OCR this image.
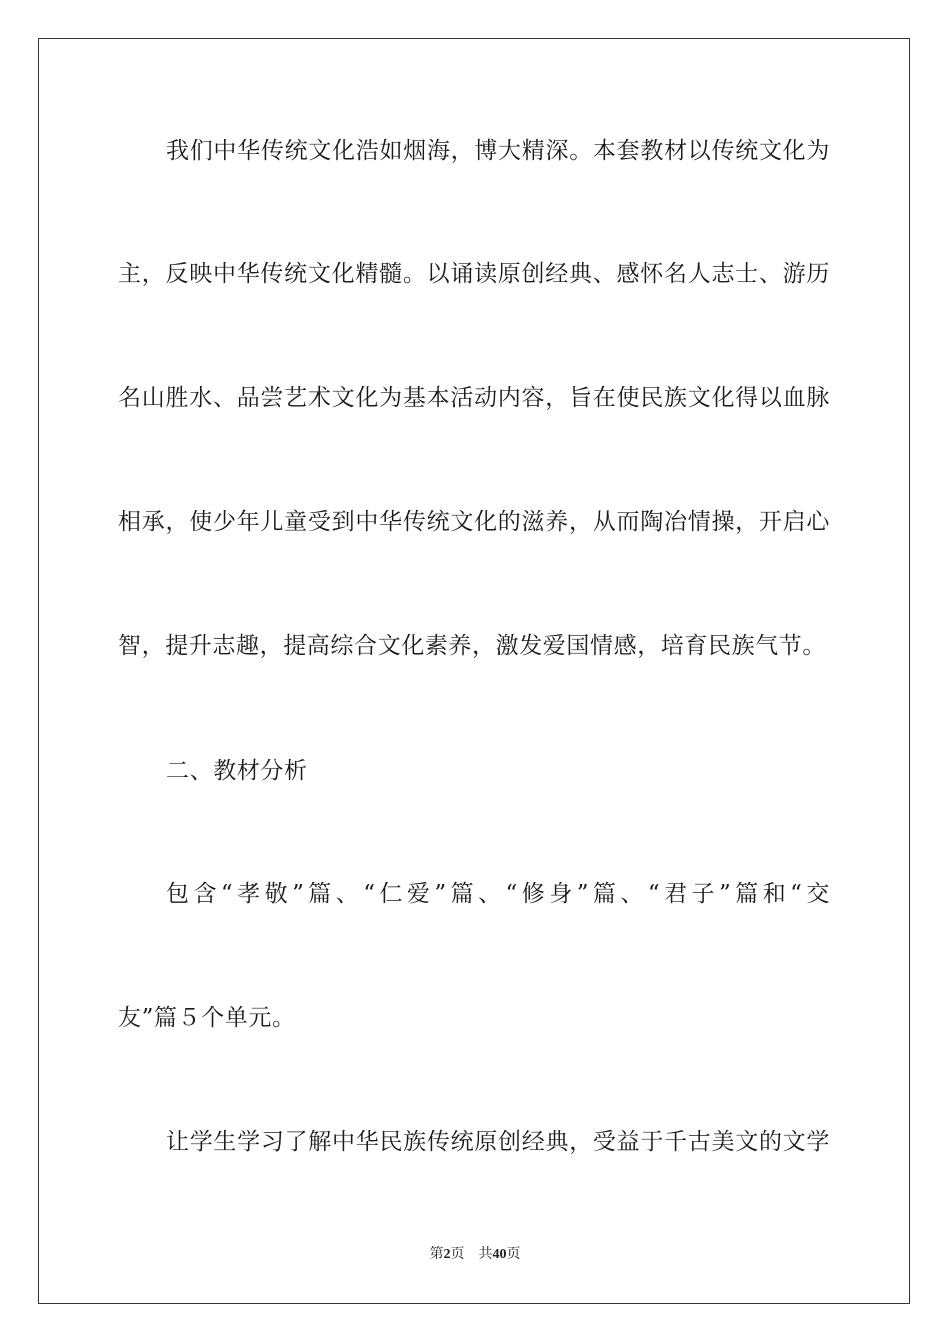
我们中华传统文化浩如烟海，博大精深。本套教材以传统文化为
主，反映中华传统文化精髓。以诵读原创经典、感怀名人志士、游历
名山胜水、品尝艺术文化为基本活动内容，旨在使民族文化得以血脉
相承，使少年儿童受到中华传统文化的滋养，从而陶冶情操，开启心
智，提升志趣，提高综合文化素养，激发爱国情感，培育民族气节。
二、教材分析
包含“孝敬”篇、“仁爱”篇、“修身”篇、“君子”篇和“交
友”篇５个单元。
让学生学习了解中华民族传统原创经典，受益于千古美文的文学
第2页 共40页
